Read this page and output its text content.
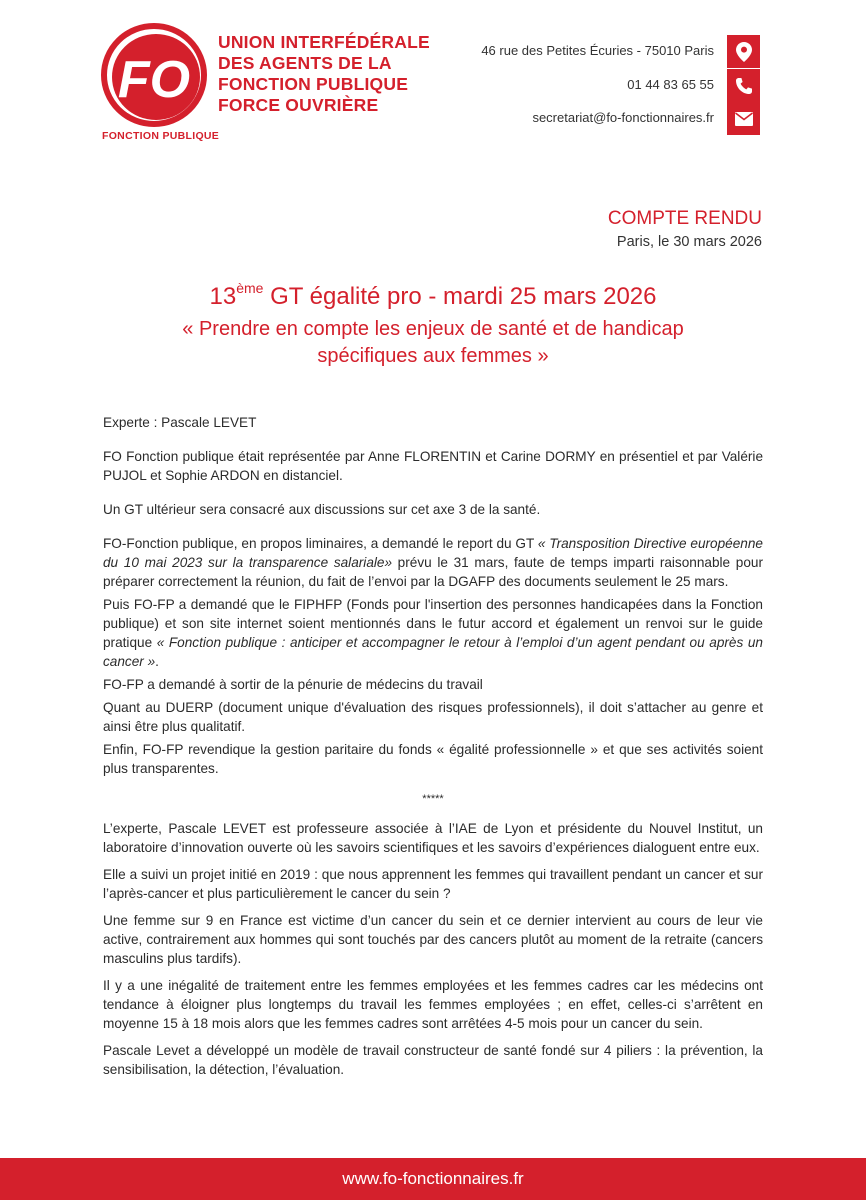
FO
UNION INTERFÉDÉRALE
DES AGENTS DE LA
FONCTION PUBLIQUE
FORCE OUVRIÈRE
FONCTION PUBLIQUE
46 rue des Petites Écuries - 75010 Paris
01 44 83 65 55
secretariat@fo-fonctionnaires.fr
COMPTE RENDU
Paris, le 30 mars 2026
13ème GT égalité pro - mardi 25 mars 2026
« Prendre en compte les enjeux de santé et de handicap
spécifiques aux femmes »

Experte : Pascale LEVET

FO Fonction publique était représentée par Anne FLORENTIN et Carine DORMY en présentiel et par Valérie PUJOL et Sophie ARDON en distanciel.

Un GT ultérieur sera consacré aux discussions sur cet axe 3 de la santé.

FO-Fonction publique, en propos liminaires, a demandé le report du GT « Transposition Directive européenne du 10 mai 2023 sur la transparence salariale» prévu le 31 mars, faute de temps imparti raisonnable pour préparer correctement la réunion, du fait de l’envoi par la DGAFP des documents seulement le 25 mars.

Puis FO-FP a demandé que le FIPHFP (Fonds pour l'insertion des personnes handicapées dans la Fonction publique) et son site internet soient mentionnés dans le futur accord et également un renvoi sur le guide pratique « Fonction publique : anticiper et accompagner le retour à l’emploi d’un agent pendant ou après un cancer ».

FO-FP a demandé à sortir de la pénurie de médecins du travail

Quant au DUERP (document unique d'évaluation des risques professionnels), il doit s’attacher au genre et ainsi être plus qualitatif.

Enfin, FO-FP revendique la gestion paritaire du fonds « égalité professionnelle » et que ses activités soient plus transparentes.

*****

L’experte, Pascale LEVET est professeure associée à l’IAE de Lyon et présidente du Nouvel Institut, un laboratoire d’innovation ouverte où les savoirs scientifiques et les savoirs d’expériences dialoguent entre eux.

Elle a suivi un projet initié en 2019 : que nous apprennent les femmes qui travaillent pendant un cancer et sur l’après-cancer et plus particulièrement le cancer du sein ?

Une femme sur 9 en France est victime d’un cancer du sein et ce dernier intervient au cours de leur vie active, contrairement aux hommes qui sont touchés par des cancers plutôt au moment de la retraite (cancers masculins plus tardifs).

Il y a une inégalité de traitement entre les femmes employées et les femmes cadres car les médecins ont tendance à éloigner plus longtemps du travail les femmes employées ; en effet, celles-ci s’arrêtent en moyenne 15 à 18 mois alors que les femmes cadres sont arrêtées 4-5 mois pour un cancer du sein.

Pascale Levet a développé un modèle de travail constructeur de santé fondé sur 4 piliers : la prévention, la sensibilisation, la détection, l’évaluation.

www.fo-fonctionnaires.fr
